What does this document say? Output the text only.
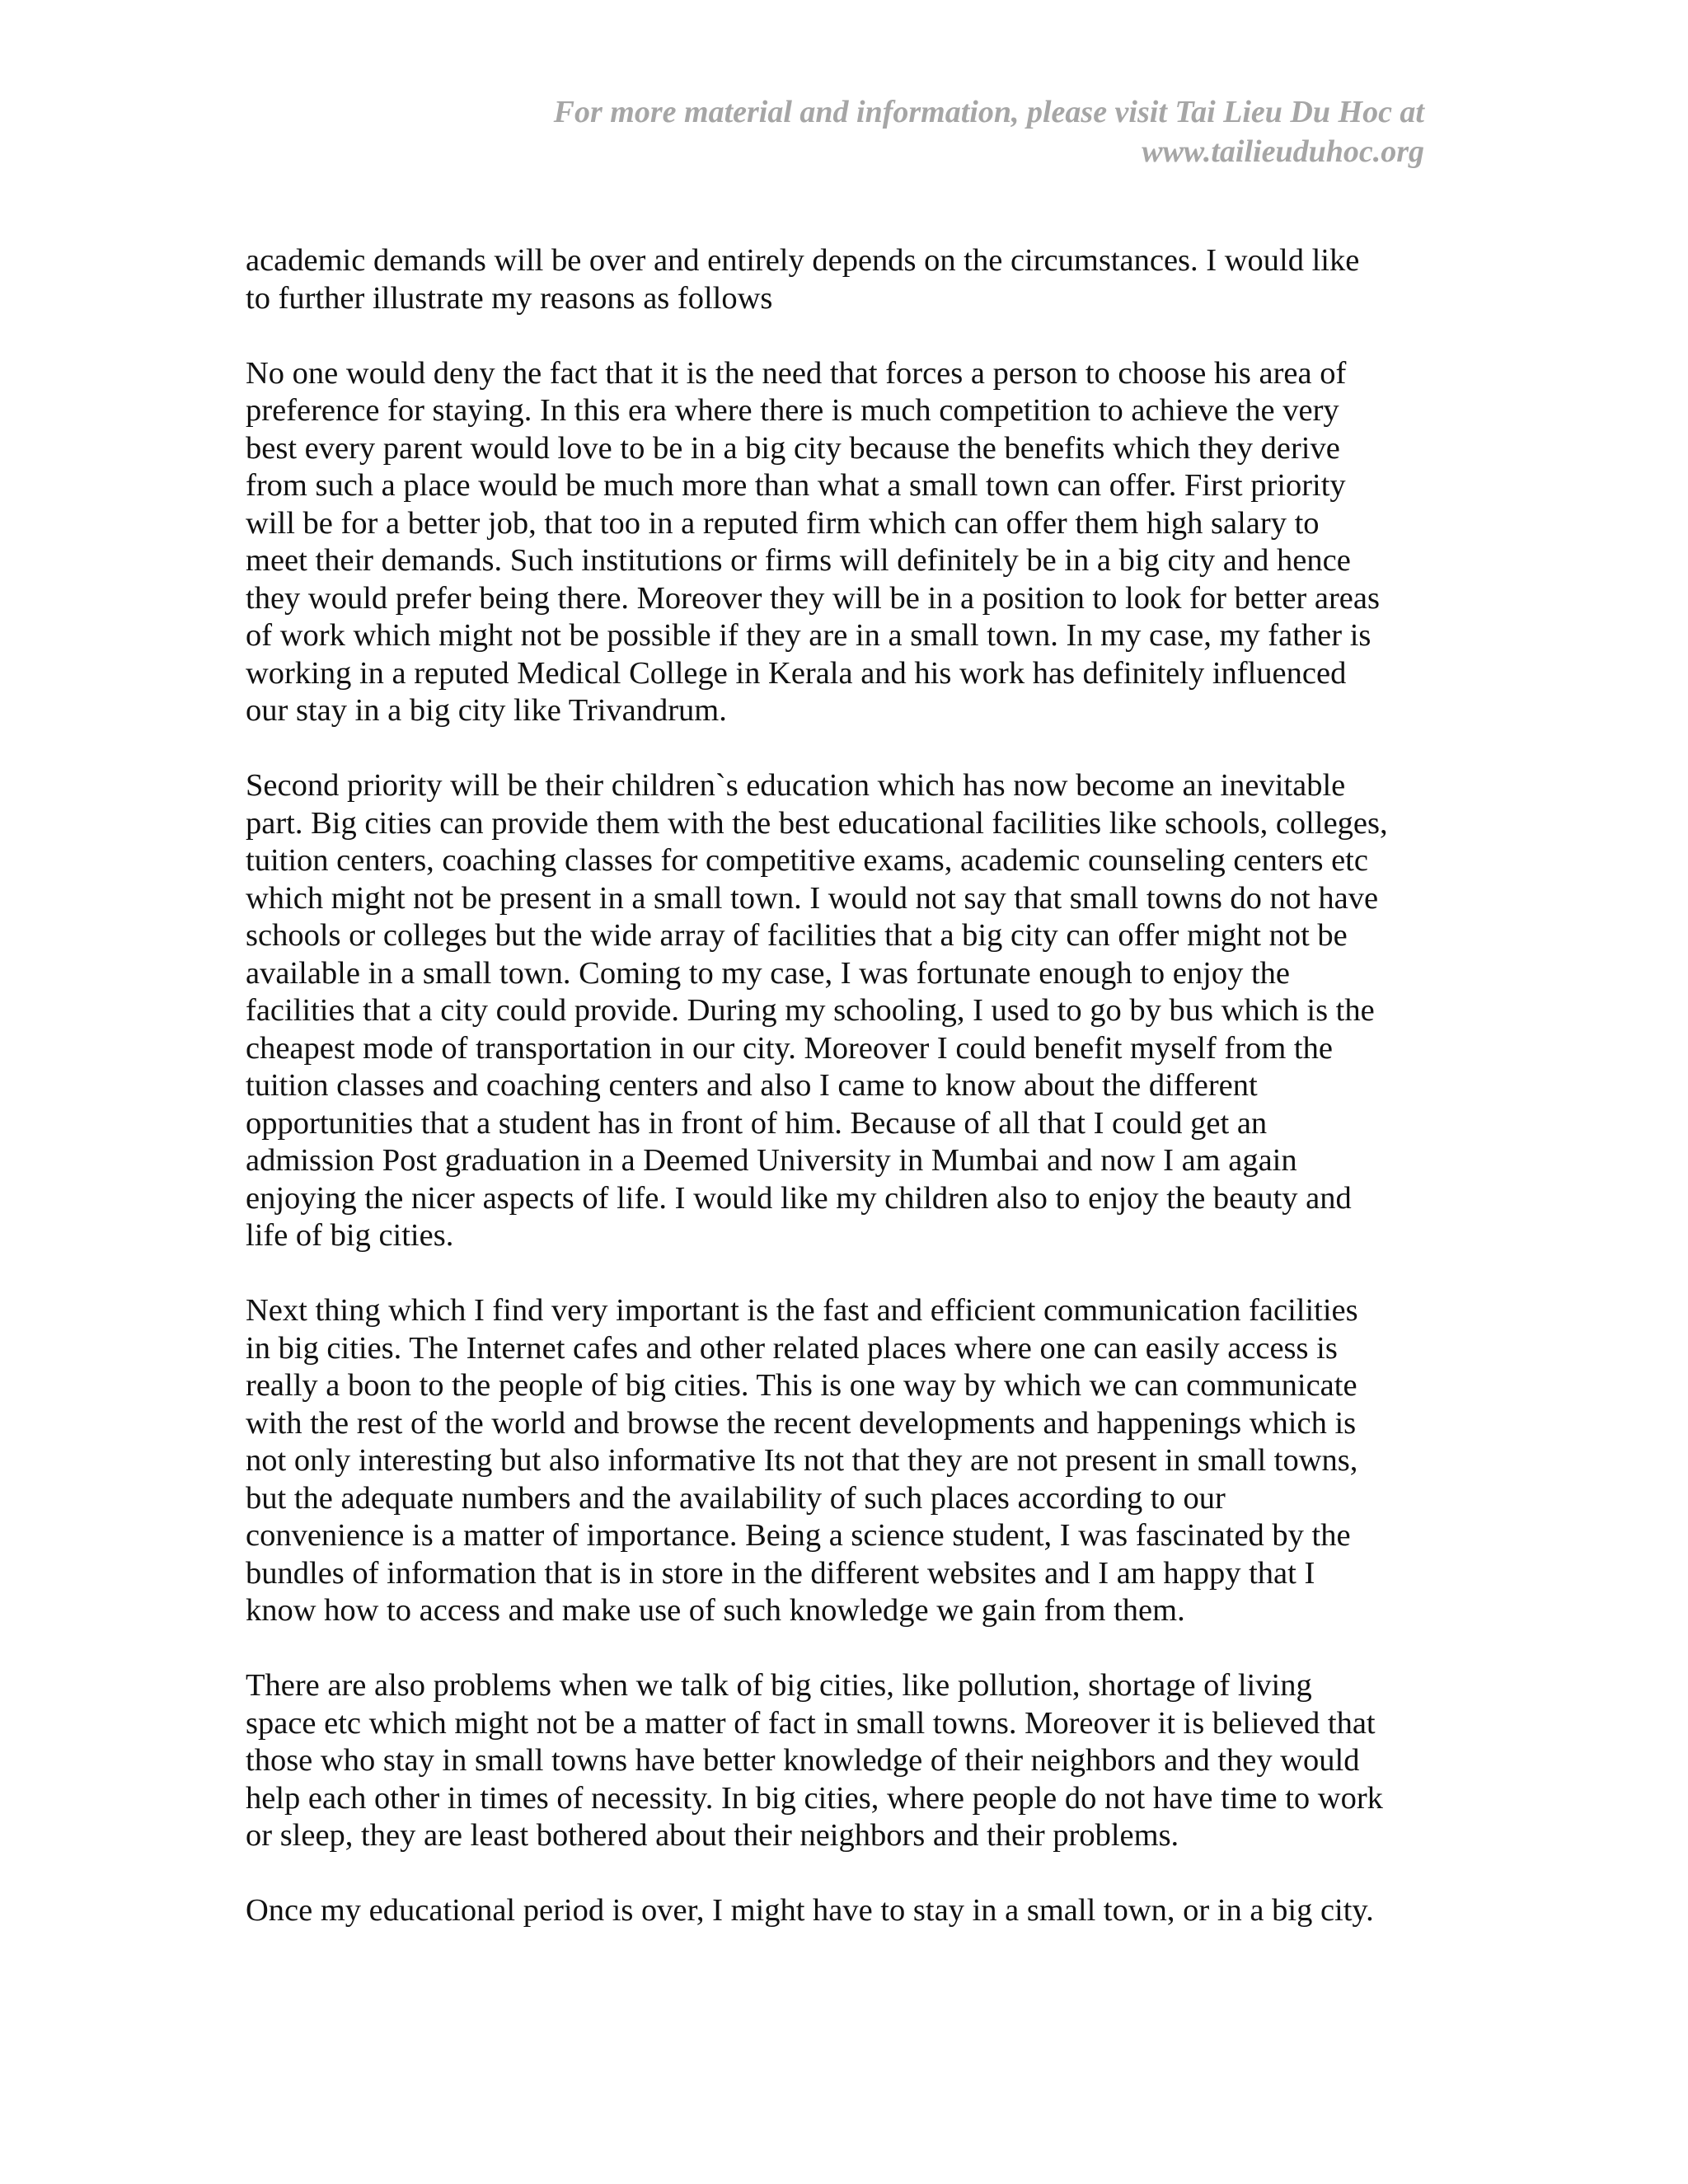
For more material and information, please visit Tai Lieu Du Hoc at
www.tailieuduhoc.org
academic demands will be over and entirely depends on the circumstances. I would like
to further illustrate my reasons as follows
No one would deny the fact that it is the need that forces a person to choose his area of
preference for staying. In this era where there is much competition to achieve the very
best every parent would love to be in a big city because the benefits which they derive
from such a place would be much more than what a small town can offer. First priority
will be for a better job, that too in a reputed firm which can offer them high salary to
meet their demands. Such institutions or firms will definitely be in a big city and hence
they would prefer being there. Moreover they will be in a position to look for better areas
of work which might not be possible if they are in a small town. In my case, my father is
working in a reputed Medical College in Kerala and his work has definitely influenced
our stay in a big city like Trivandrum.
Second priority will be their children`s education which has now become an inevitable
part. Big cities can provide them with the best educational facilities like schools, colleges,
tuition centers, coaching classes for competitive exams, academic counseling centers etc
which might not be present in a small town. I would not say that small towns do not have
schools or colleges but the wide array of facilities that a big city can offer might not be
available in a small town. Coming to my case, I was fortunate enough to enjoy the
facilities that a city could provide. During my schooling, I used to go by bus which is the
cheapest mode of transportation in our city. Moreover I could benefit myself from the
tuition classes and coaching centers and also I came to know about the different
opportunities that a student has in front of him. Because of all that I could get an
admission Post graduation in a Deemed University in Mumbai and now I am again
enjoying the nicer aspects of life. I would like my children also to enjoy the beauty and
life of big cities.
Next thing which I find very important is the fast and efficient communication facilities
in big cities. The Internet cafes and other related places where one can easily access is
really a boon to the people of big cities. This is one way by which we can communicate
with the rest of the world and browse the recent developments and happenings which is
not only interesting but also informative Its not that they are not present in small towns,
but the adequate numbers and the availability of such places according to our
convenience is a matter of importance. Being a science student, I was fascinated by the
bundles of information that is in store in the different websites and I am happy that I
know how to access and make use of such knowledge we gain from them.
There are also problems when we talk of big cities, like pollution, shortage of living
space etc which might not be a matter of fact in small towns. Moreover it is believed that
those who stay in small towns have better knowledge of their neighbors and they would
help each other in times of necessity. In big cities, where people do not have time to work
or sleep, they are least bothered about their neighbors and their problems.
Once my educational period is over, I might have to stay in a small town, or in a big city.
